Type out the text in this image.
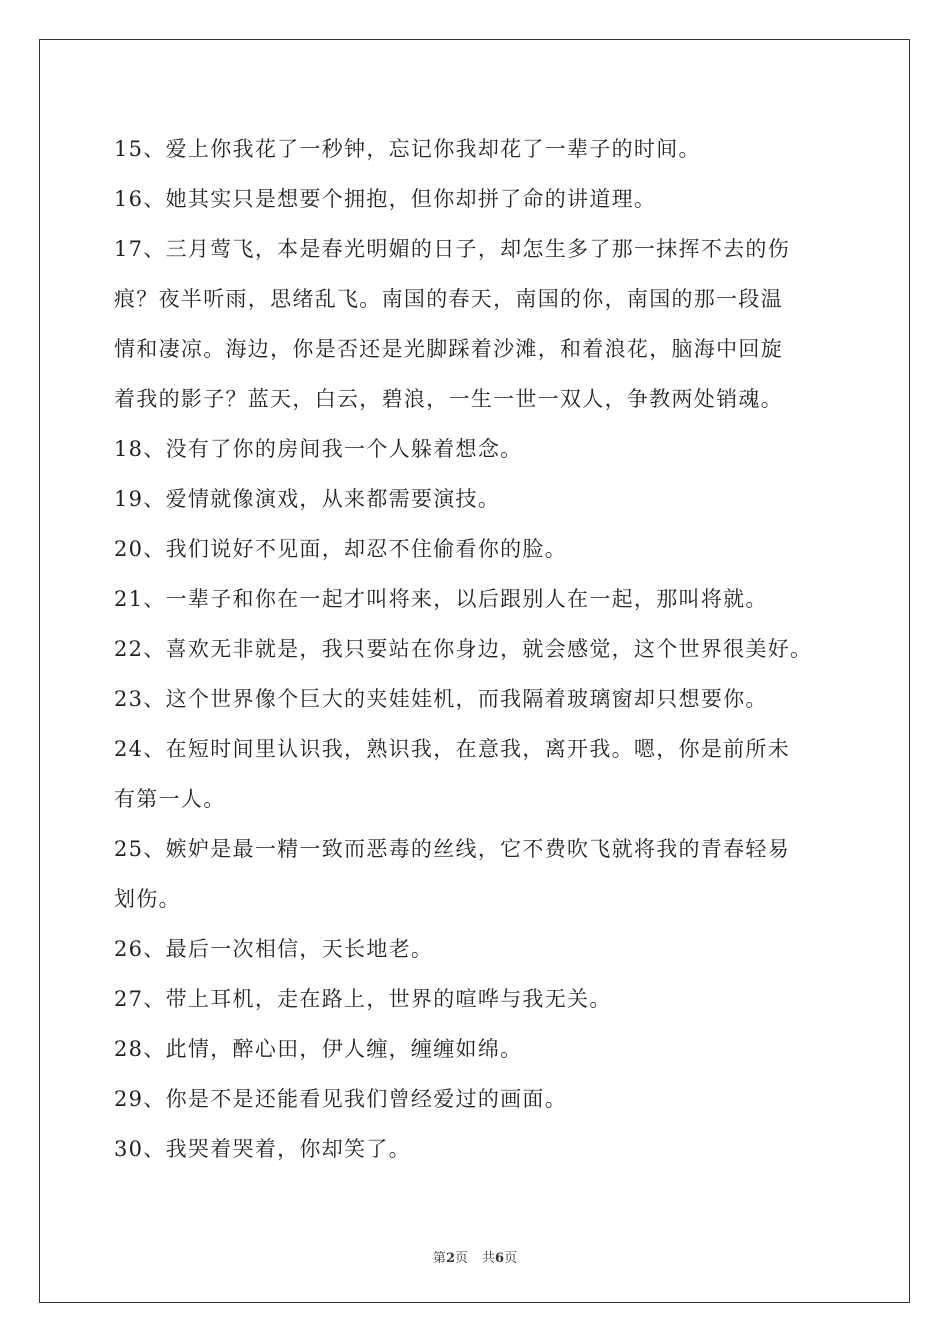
15、爱上你我花了一秒钟，忘记你我却花了一辈子的时间。

16、她其实只是想要个拥抱，但你却拼了命的讲道理。

17、三月莺飞，本是春光明媚的日子，却怎生多了那一抹挥不去的伤

痕？夜半听雨，思绪乱飞。南国的春天，南国的你，南国的那一段温

情和凄凉。海边，你是否还是光脚踩着沙滩，和着浪花，脑海中回旋

着我的影子？蓝天，白云，碧浪，一生一世一双人，争教两处销魂。

18、没有了你的房间我一个人躲着想念。

19、爱情就像演戏，从来都需要演技。

20、我们说好不见面，却忍不住偷看你的脸。

21、一辈子和你在一起才叫将来，以后跟别人在一起，那叫将就。

22、喜欢无非就是，我只要站在你身边，就会感觉，这个世界很美好。

23、这个世界像个巨大的夹娃娃机，而我隔着玻璃窗却只想要你。

24、在短时间里认识我，熟识我，在意我，离开我。嗯，你是前所未

有第一人。

25、嫉妒是最一精一致而恶毒的丝线，它不费吹飞就将我的青春轻易

划伤。

26、最后一次相信，天长地老。

27、带上耳机，走在路上，世界的喧哗与我无关。

28、此情，醉心田，伊人缠，缠缠如绵。

29、你是不是还能看见我们曾经爱过的画面。

30、我哭着哭着，你却笑了。

第2页 共6页
